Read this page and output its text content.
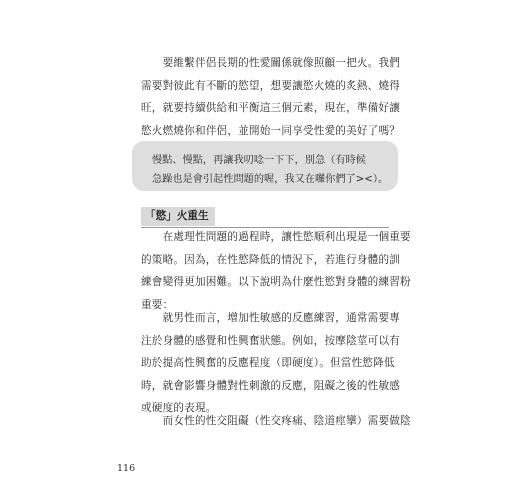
　　要維繫伴侶長期的性愛關係就像照顧一把火。我們
需要對彼此有不斷的慾望，想要讓慾火燒的炙熱、燒得
旺，就要持續供給和平衡這三個元素，現在，準備好讓
慾火燃燒你和伴侶，並開始一同享受性愛的美好了嗎？

慢點、慢點，再讓我叨唸一下下，別急（有時候
急躁也是會引起性問題的喔，我又在囉你們了><）。
「慾」火重生

　　在處理性問題的過程時，讓性慾順利出現是一個重要
的策略。因為，在性慾降低的情況下，若進行身體的訓
練會變得更加困難。以下說明為什麼性慾對身體的練習粉
重要：

　　就男性而言，增加性敏感的反應練習，通常需要專
注於身體的感覺和性興奮狀態。例如，按摩陰莖可以有
助於提高性興奮的反應程度（即硬度）。但當性慾降低
時，就會影響身體對性刺激的反應，阻礙之後的性敏感
或硬度的表現。

　　而女性的性交阻礙（性交疼痛、陰道痙攣）需要做陰

116
